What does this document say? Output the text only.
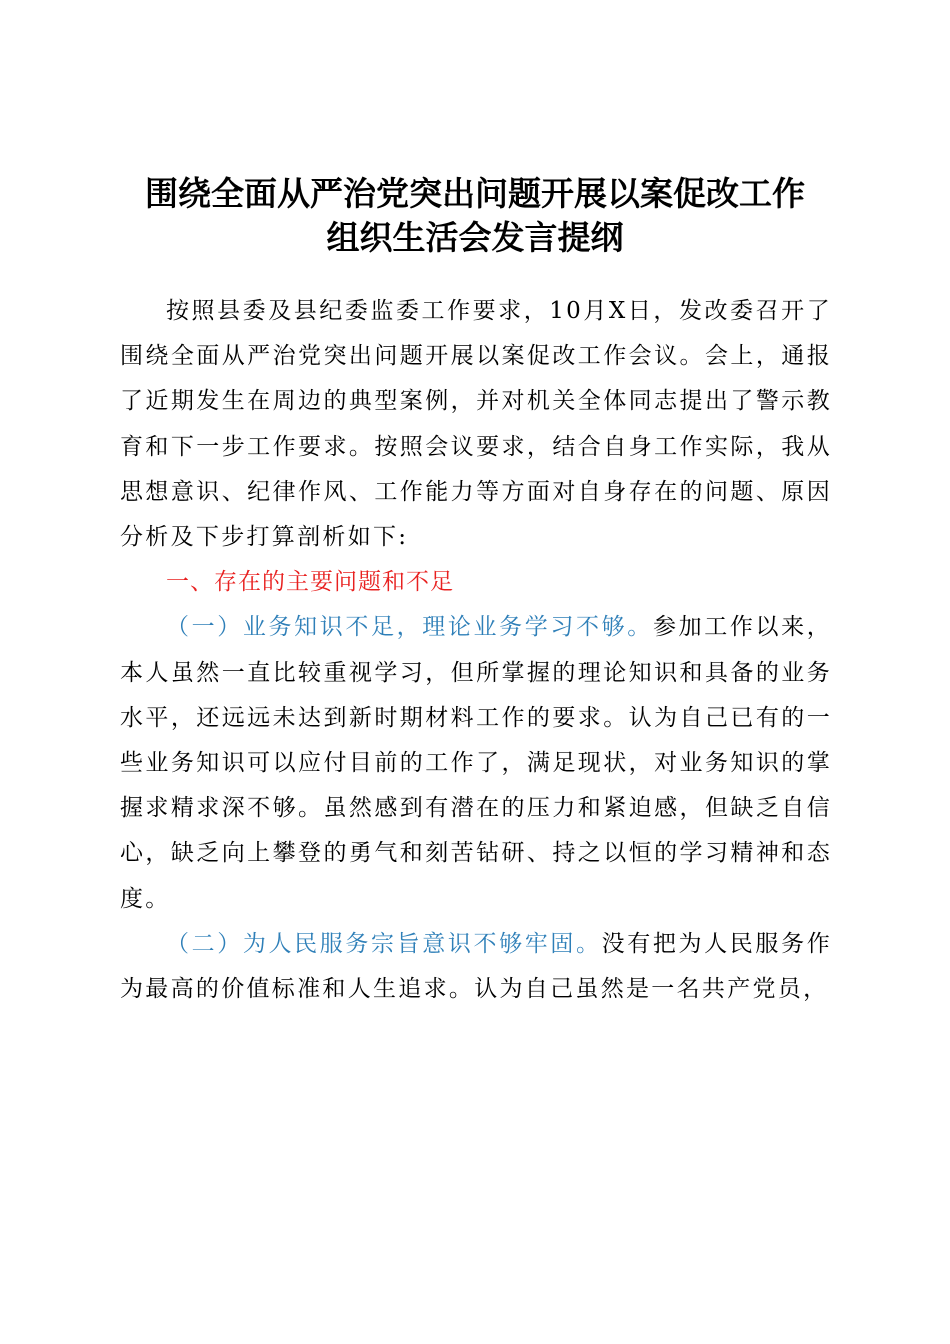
围绕全面从严治党突出问题开展以案促改工作
组织生活会发言提纲

按照县委及县纪委监委工作要求，10月X日，发改委召开了围绕全面从严治党突出问题开展以案促改工作会议。会上，通报了近期发生在周边的典型案例，并对机关全体同志提出了警示教育和下一步工作要求。按照会议要求，结合自身工作实际，我从思想意识、纪律作风、工作能力等方面对自身存在的问题、原因分析及下步打算剖析如下:

一、存在的主要问题和不足

（一）业务知识不足，理论业务学习不够。参加工作以来，本人虽然一直比较重视学习，但所掌握的理论知识和具备的业务水平，还远远未达到新时期材料工作的要求。认为自己已有的一些业务知识可以应付目前的工作了，满足现状，对业务知识的掌握求精求深不够。虽然感到有潜在的压力和紧迫感，但缺乏自信心，缺乏向上攀登的勇气和刻苦钻研、持之以恒的学习精神和态度。

（二）为人民服务宗旨意识不够牢固。没有把为人民服务作为最高的价值标准和人生追求。认为自己虽然是一名共产党员，
